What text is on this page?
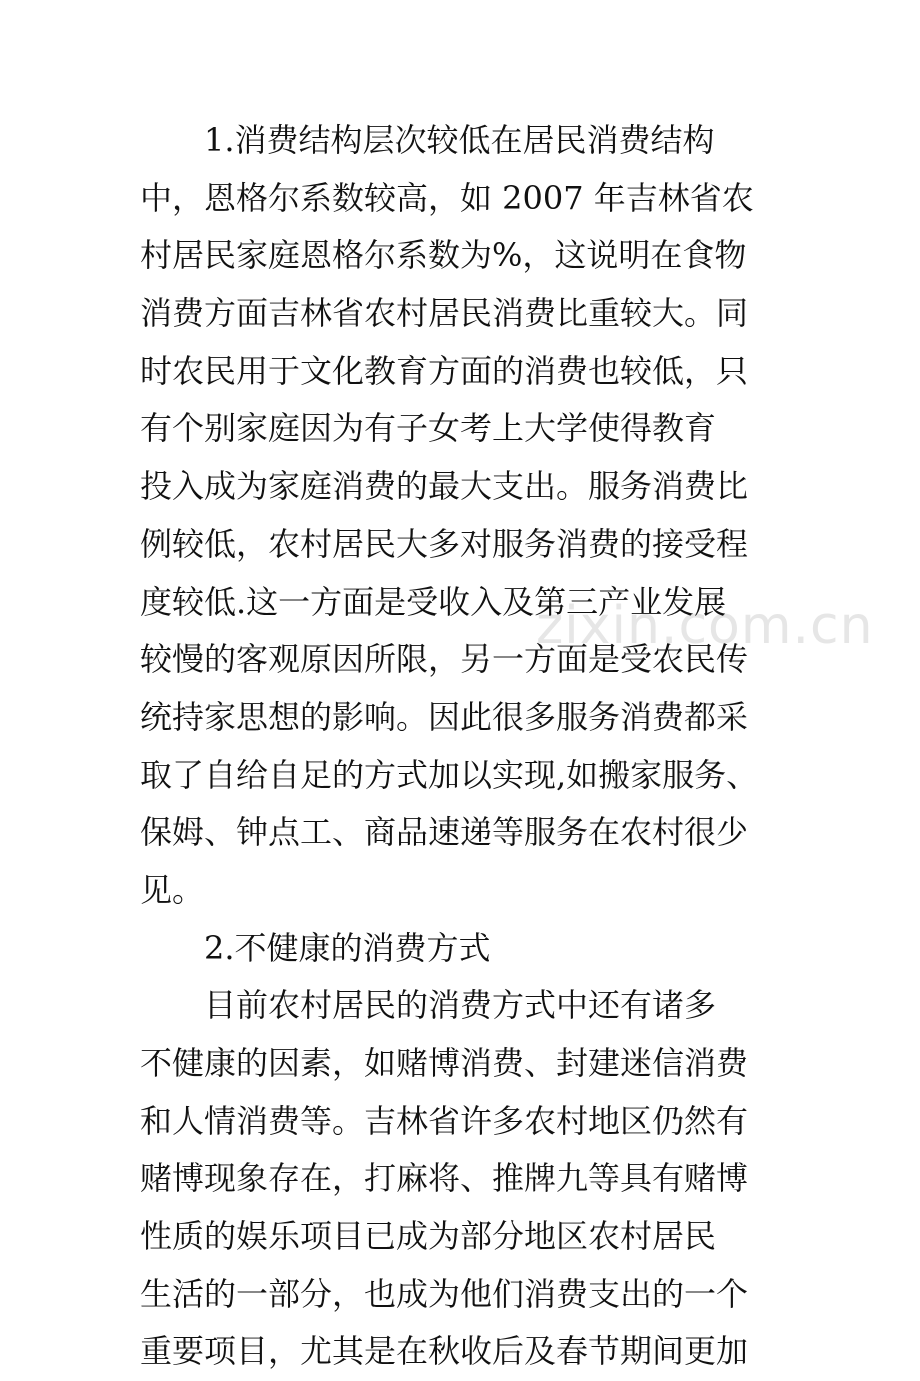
zixin.com.cn
　　1.消费结构层次较低在居民消费结构
中，恩格尔系数较高，如 2007 年吉林省农
村居民家庭恩格尔系数为%，这说明在食物
消费方面吉林省农村居民消费比重较大。同
时农民用于文化教育方面的消费也较低，只
有个别家庭因为有子女考上大学使得教育
投入成为家庭消费的最大支出。服务消费比
例较低，农村居民大多对服务消费的接受程
度较低.这一方面是受收入及第三产业发展
较慢的客观原因所限，另一方面是受农民传
统持家思想的影响。因此很多服务消费都采
取了自给自足的方式加以实现,如搬家服务、
保姆、钟点工、商品速递等服务在农村很少
见。
　　2.不健康的消费方式
　　目前农村居民的消费方式中还有诸多
不健康的因素，如赌博消费、封建迷信消费
和人情消费等。吉林省许多农村地区仍然有
赌博现象存在，打麻将、推牌九等具有赌博
性质的娱乐项目已成为部分地区农村居民
生活的一部分，也成为他们消费支出的一个
重要项目，尤其是在秋收后及春节期间更加
